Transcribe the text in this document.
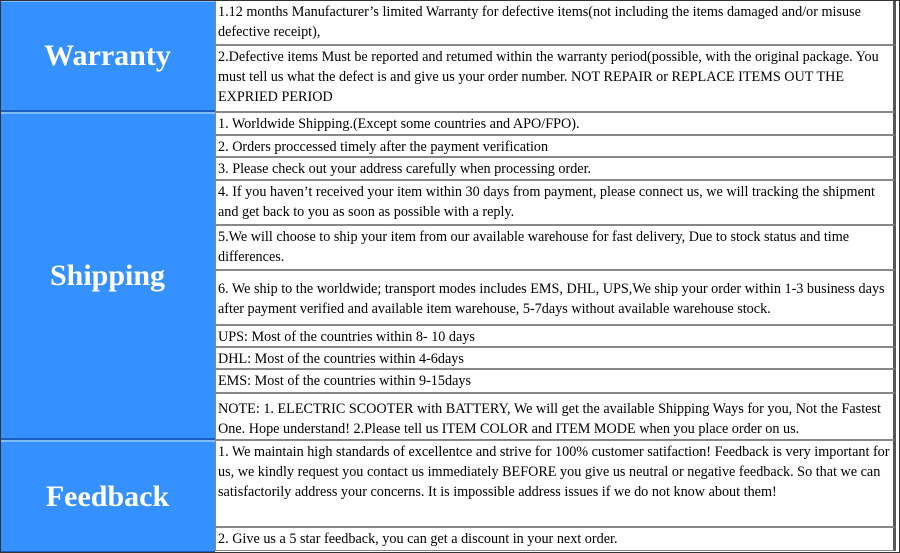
Warranty
1.12 months Manufacturer’s limited Warranty for defective items(not including the items damaged and/or misuse defective receipt),
2.Defective items Must be reported and retumed within the warranty period(possible, with the original package. You must tell us what the defect is and give us your order number. NOT REPAIR or REPLACE ITEMS OUT THE EXPRIED PERIOD
Shipping
1. Worldwide Shipping.(Except some countries and APO/FPO).
2. Orders proccessed timely after the payment verification
3. Please check out your address carefully when processing order.
4. If you haven’t received your item within 30 days from payment, please connect us, we will tracking the shipment and get back to you as soon as possible with a reply.
5.We will choose to ship your item from our available warehouse for fast delivery, Due to stock status and time differences.
6. We ship to the worldwide; transport modes includes EMS, DHL, UPS,We ship your order within 1-3 business days after payment verified and available item warehouse, 5-7days without available warehouse stock.
UPS: Most of the countries within 8- 10 days
DHL: Most of the countries within 4-6days
EMS: Most of the countries within 9-15days
NOTE: 1. ELECTRIC SCOOTER with BATTERY, We will get the available Shipping Ways for you, Not the Fastest One. Hope understand! 2.Please tell us ITEM COLOR and ITEM MODE when you place order on us.
Feedback
1. We maintain high standards of excellentce and strive for 100% customer satifaction! Feedback is very important for us, we kindly request you contact us immediately BEFORE you give us neutral or negative feedback. So that we can satisfactorily address your concerns. It is impossible address issues if we do not know about them!
2. Give us a 5 star feedback, you can get a discount in your next order.
